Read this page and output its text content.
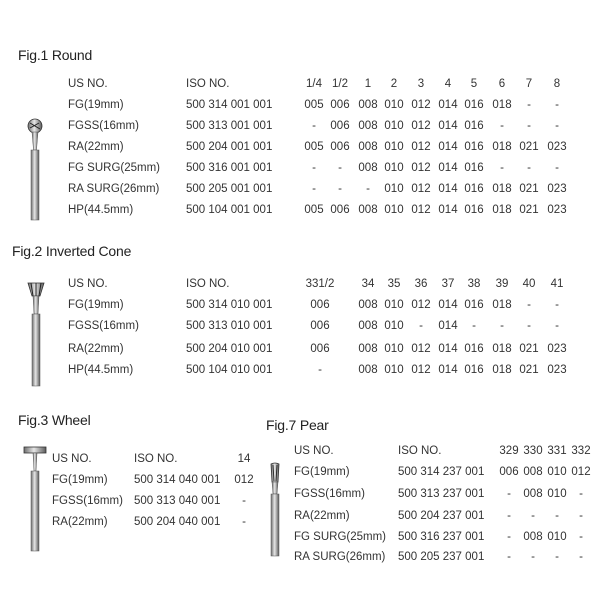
Fig.1 Round
US NO.	ISO NO.	1/4 1/2 1 2 3 4 5 6 7 8
FG(19mm)	500 314 001 001	005 006 008 010 012 014 016 018 - -
FGSS(16mm)	500 313 001 001	- 006 008 010 012 014 016 - - -
RA(22mm)	500 204 001 001	005 006 008 010 012 014 016 018 021 023
FG SURG(25mm) 500 316 001 001	- - 008 010 012 014 016 - - -
RA SURG(26mm) 500 205 001 001	- - - 010 012 014 016 018 021 023
HP(44.5mm)	500 104 001 001	005 006 008 010 012 014 016 018 021 023
Fig.2 Inverted Cone
US NO.	ISO NO.	331/2 34 35 36 37 38 39 40 41
FG(19mm)	500 314 010 001	006	008 010 012 014 016 018 - -
FGSS(16mm)	500 313 010 001	006	008 010 - 014 - - - -
RA(22mm)	500 204 010 001	006	008 010 012 014 016 018 021 023
HP(44.5mm)	500 104 010 001	-	008 010 012 014 016 018 021 023
Fig.3 Wheel
US NO.	ISO NO.	14
FG(19mm) 500 314 040 001 012
FGSS(16mm) 500 313 040 001 -
RA(22mm) 500 204 040 001 -
Fig.7 Pear
US NO.	ISO NO.	329 330 331 332
FG(19mm)	500 314 237 001 006 008 010 012
FGSS(16mm)	500 313 237 001 - 008 010 -
RA(22mm)	500 204 237 001 - - - -
FG SURG(25mm) 500 316 237 001 - 008 010 -
RA SURG(26mm) 500 205 237 001 - - - -
